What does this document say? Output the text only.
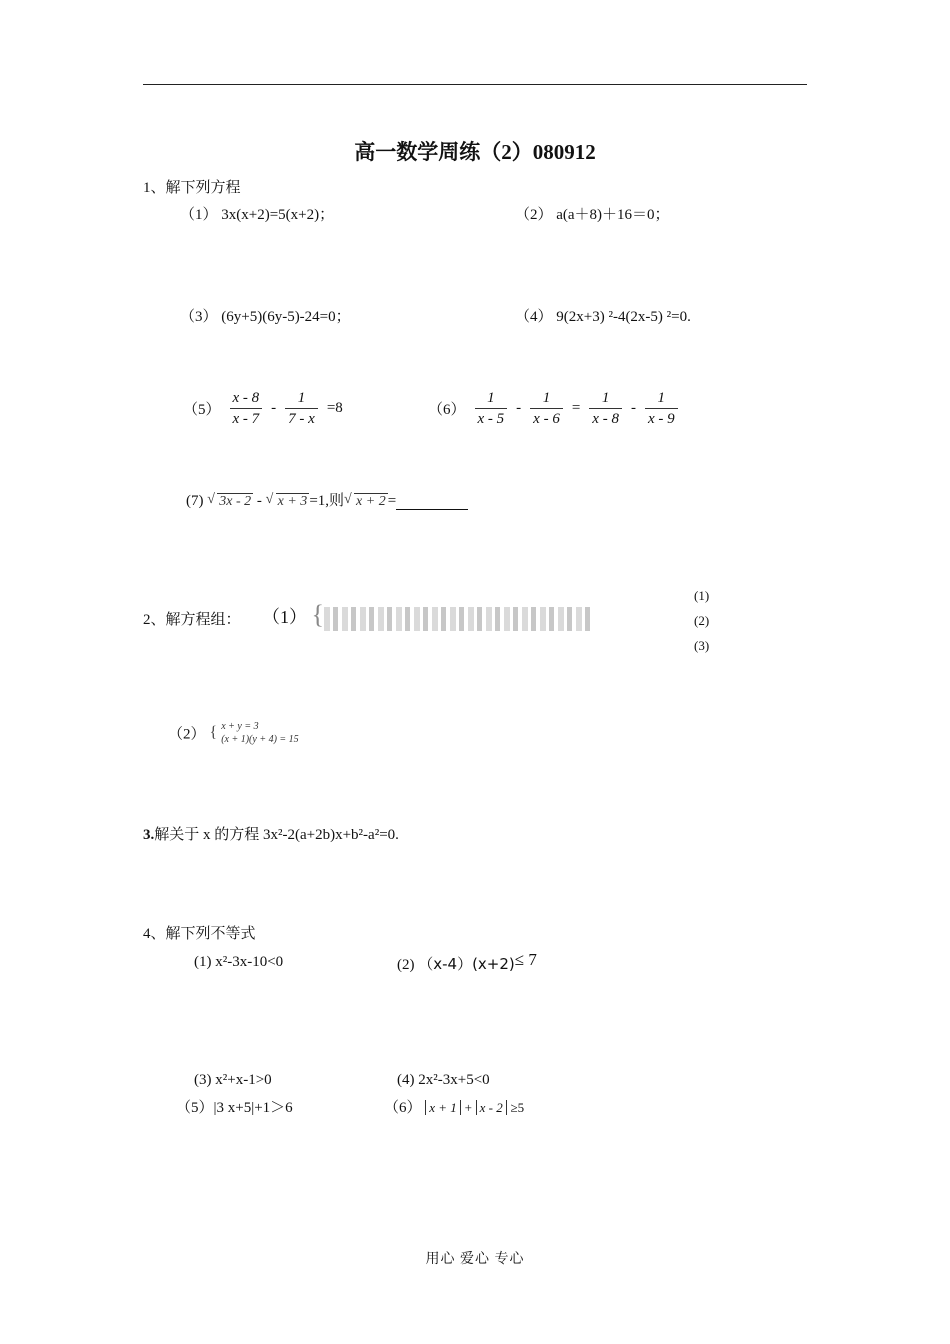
高一数学周练（2）080912
1、解下列方程
（1） 3x(x+2)=5(x+2)；	（2） a(a＋8)＋16＝0；
（3） (6y+5)(6y-5)-24=0；	（4） 9(2x+3) ²-4(2x-5) ²=0.
$(5) \frac{x - 8}{x - 7} - \frac{1}{7 - x} =8$	$(6) \frac{1}{x - 5} - \frac{1}{x - 6} = \frac{1}{x - 8} - \frac{1}{x - 9}$
(7) √ 3x - 2 - √ x + 3 =1,则 √ x + 2 =
2、解方程组： （1） {
(1)
(2)
(3)
（2） { x + y = 3
(x + 1)(y + 4) = 15
3.解关于 x 的方程 3x²-2(a+2b)x+b²-a²=0.
4、解下列不等式
(1) x²-3x-10<0	(2) （x-4）(x+2)≤ 7
(3) x²+x-1>0	(4) 2x²-3x+5<0
（5）|3 x+5|+1＞6	（6） x + 1 + x - 2 ≥5
用心 爱心 专心
